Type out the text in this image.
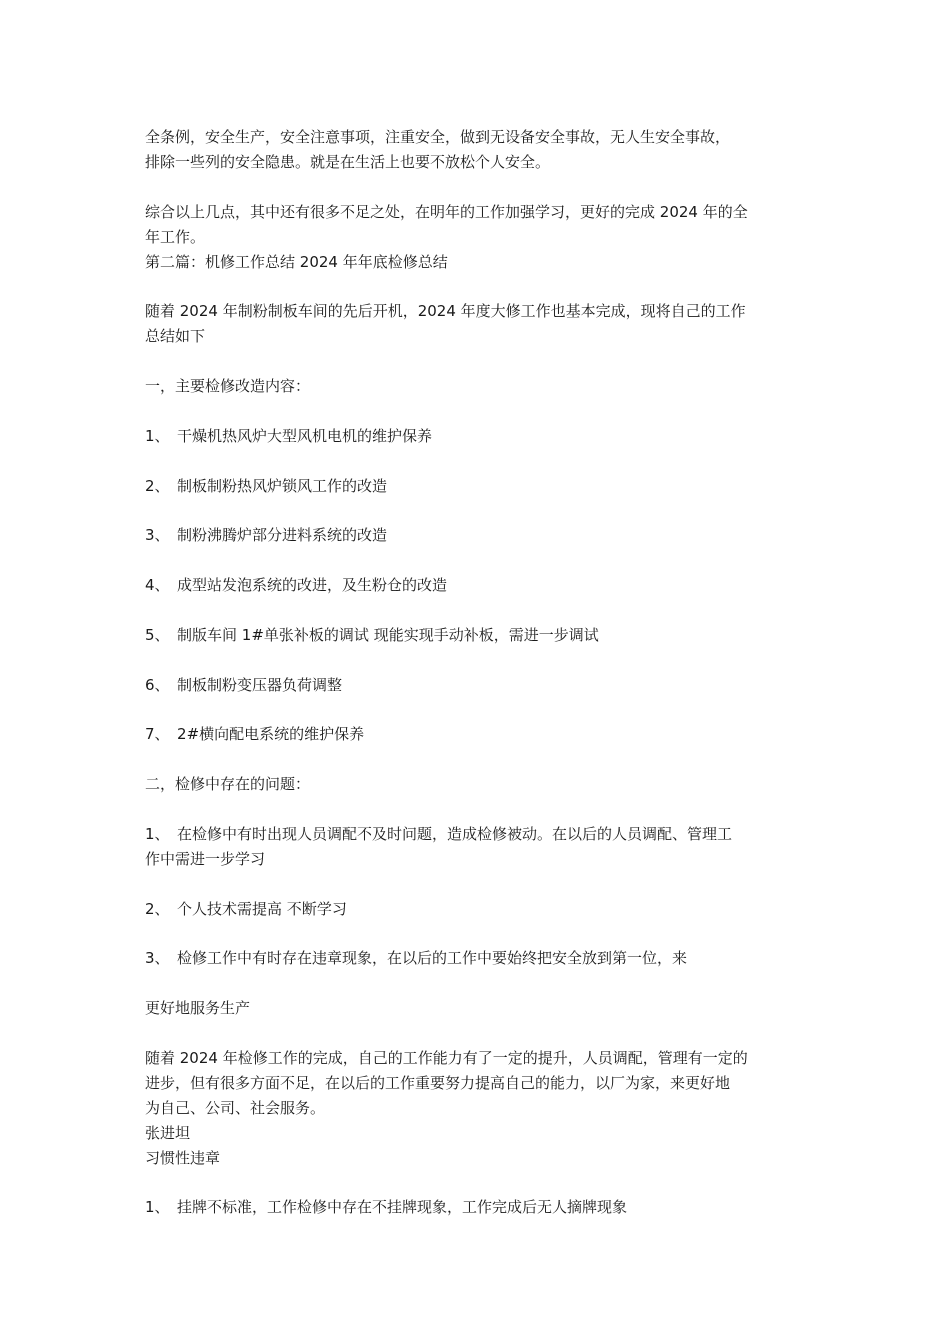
全条例，安全生产，安全注意事项，注重安全，做到无设备安全事故，无人生安全事故，
排除一些列的安全隐患。就是在生活上也要不放松个人安全。
综合以上几点，其中还有很多不足之处，在明年的工作加强学习，更好的完成 2024 年的全
年工作。
第二篇：机修工作总结 2024 年年底检修总结
随着 2024 年制粉制板车间的先后开机，2024 年度大修工作也基本完成，现将自己的工作
总结如下
一，主要检修改造内容：
1、　干燥机热风炉大型风机电机的维护保养
2、　制板制粉热风炉锁风工作的改造
3、　制粉沸腾炉部分进料系统的改造
4、　成型站发泡系统的改进，及生粉仓的改造
5、　制版车间 1#单张补板的调试 现能实现手动补板，需进一步调试
6、　制板制粉变压器负荷调整
7、　2#横向配电系统的维护保养
二，检修中存在的问题：
1、　在检修中有时出现人员调配不及时问题，造成检修被动。在以后的人员调配、管理工
作中需进一步学习
2、　个人技术需提高 不断学习
3、　检修工作中有时存在违章现象，在以后的工作中要始终把安全放到第一位，来
更好地服务生产
随着 2024 年检修工作的完成，自己的工作能力有了一定的提升，人员调配，管理有一定的
进步，但有很多方面不足，在以后的工作重要努力提高自己的能力，以厂为家，来更好地
为自己、公司、社会服务。
张进坦
习惯性违章
1、　挂牌不标准，工作检修中存在不挂牌现象，工作完成后无人摘牌现象
